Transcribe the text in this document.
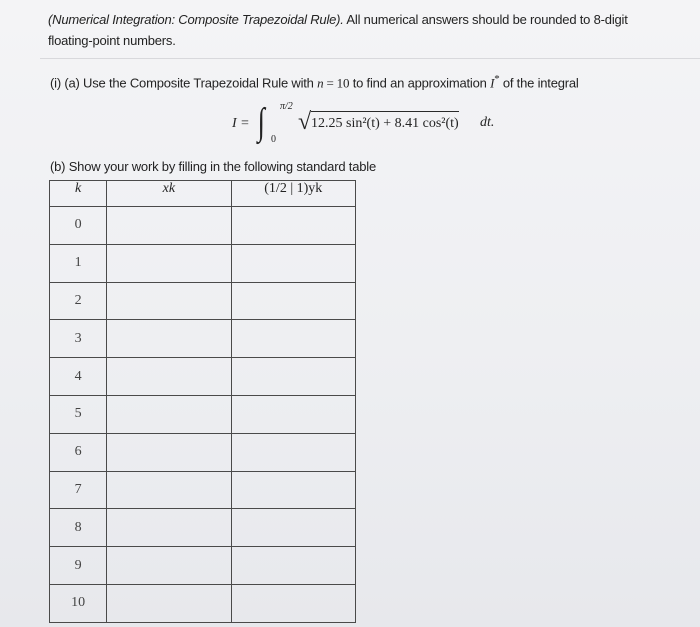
(Numerical Integration: Composite Trapezoidal Rule). All numerical answers should be rounded to 8-digit floating-point numbers.
(i) (a) Use the Composite Trapezoidal Rule with n = 10 to find an approximation I* of the integral
I = ∫ π/2
0
√ 12.25 sin²(t) + 8.41 cos²(t) dt.
(b) Show your work by filling in the following standard table
k	xk	(1/2 | 1)yk
0		
1		
2		
3		
4		
5		
6		
7		
8		
9		
10		
